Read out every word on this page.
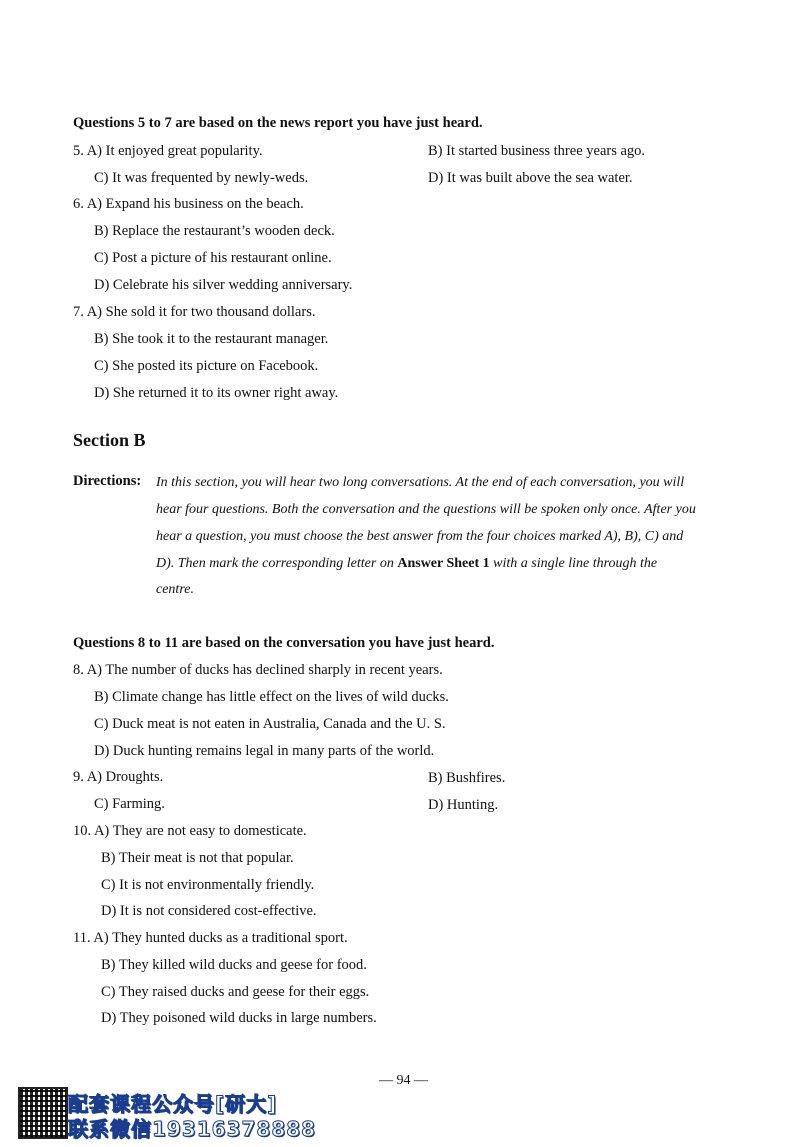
Questions 5 to 7 are based on the news report you have just heard.
5. A) It enjoyed great popularity.	B) It started business three years ago.
C) It was frequented by newly-weds.	D) It was built above the sea water.
6. A) Expand his business on the beach.
B) Replace the restaurant’s wooden deck.
C) Post a picture of his restaurant online.
D) Celebrate his silver wedding anniversary.
7. A) She sold it for two thousand dollars.
B) She took it to the restaurant manager.
C) She posted its picture on Facebook.
D) She returned it to its owner right away.
Section B
Directions: In this section, you will hear two long conversations. At the end of each conversation, you will
hear four questions. Both the conversation and the questions will be spoken only once. After you
hear a question, you must choose the best answer from the four choices marked A), B), C) and
D). Then mark the corresponding letter on Answer Sheet 1 with a single line through the
centre.
Questions 8 to 11 are based on the conversation you have just heard.
8. A) The number of ducks has declined sharply in recent years.
B) Climate change has little effect on the lives of wild ducks.
C) Duck meat is not eaten in Australia, Canada and the U. S.
D) Duck hunting remains legal in many parts of the world.
9. A) Droughts.	B) Bushfires.
C) Farming.	D) Hunting.
10. A) They are not easy to domesticate.
B) Their meat is not that popular.
C) It is not environmentally friendly.
D) It is not considered cost-effective.
11. A) They hunted ducks as a traditional sport.
B) They killed wild ducks and geese for food.
C) They raised ducks and geese for their eggs.
D) They poisoned wild ducks in large numbers.
— 94 —
配套课程公众号[研大]
联系微信19316378888
